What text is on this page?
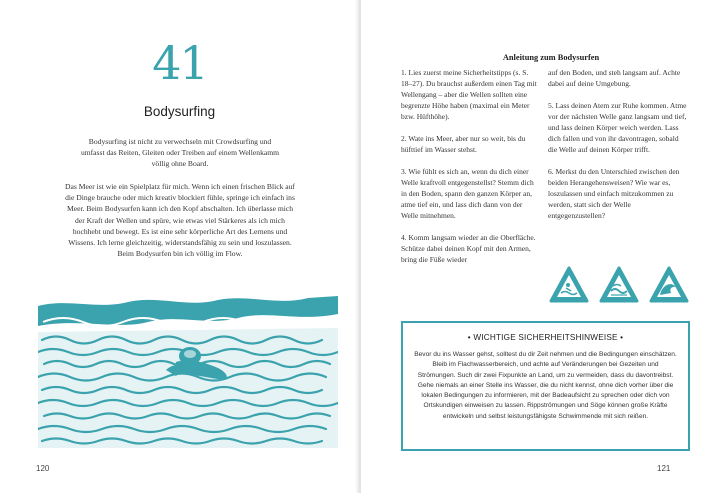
41
Bodysurfing
Bodysurfing ist nicht zu verwechseln mit Crowdsurfing und umfasst das Reiten, Gleiten oder Treiben auf einem Wellenkamm völlig ohne Board.
Das Meer ist wie ein Spielplatz für mich. Wenn ich einen frischen Blick auf die Dinge brauche oder mich kreativ blockiert fühle, springe ich einfach ins Meer. Beim Bodysurfen kann ich den Kopf abschalten. Ich überlasse mich der Kraft der Wellen und spüre, wie etwas viel Stärkeres als ich mich hochhebt und bewegt. Es ist eine sehr körperliche Art des Lernens und Wissens. Ich lerne gleichzeitig, widerstandsfähig zu sein und loszulassen. Beim Bodysurfen bin ich völlig im Flow.
120
Anleitung zum Bodysurfen

1. Lies zuerst meine Sicherheitstipps (s. S. 18–27). Du brauchst außerdem einen Tag mit Wellengang – aber die Wellen sollten eine begrenzte Höhe haben (maximal ein Meter bzw. Hüfthöhe).

2. Wate ins Meer, aber nur so weit, bis du hüfttief im Wasser stehst.

3. Wie fühlt es sich an, wenn du dich einer Welle kraftvoll entgegenstellst? Stemm dich in den Boden, spann den ganzen Körper an, atme tief ein, und lass dich dann von der Welle mitnehmen.

4. Komm langsam wieder an die Oberfläche. Schütze dabei deinen Kopf mit den Armen, bring die Füße wieder

auf den Boden, und steh langsam auf. Achte dabei auf deine Umgebung.

5. Lass deinen Atem zur Ruhe kommen. Atme vor der nächsten Welle ganz langsam und tief, und lass deinen Körper weich werden. Lass dich fallen und von ihr davontragen, sobald die Welle auf deinen Körper trifft.

6. Merkst du den Unterschied zwischen den beiden Herangehensweisen? Wie war es, loszulassen und einfach mitzukommen zu werden, statt sich der Welle entgegenzustellen?

• WICHTIGE SICHERHEITSHINWEISE •
Bevor du ins Wasser gehst, solltest du dir Zeit nehmen und die Bedingungen einschätzen. Bleib im Flachwasserbereich, und achte auf Veränderungen bei Gezeiten und Strömungen. Such dir zwei Fixpunkte an Land, um zu vermeiden, dass du davontreibst. Gehe niemals an einer Stelle ins Wasser, die du nicht kennst, ohne dich vorher über die lokalen Bedingungen zu informieren, mit der Badeaufsicht zu sprechen oder dich von Ortskundigen einweisen zu lassen. Rippströmungen und Söge können große Kräfte entwickeln und selbst leistungsfähigste Schwimmende mit sich reißen.
121
